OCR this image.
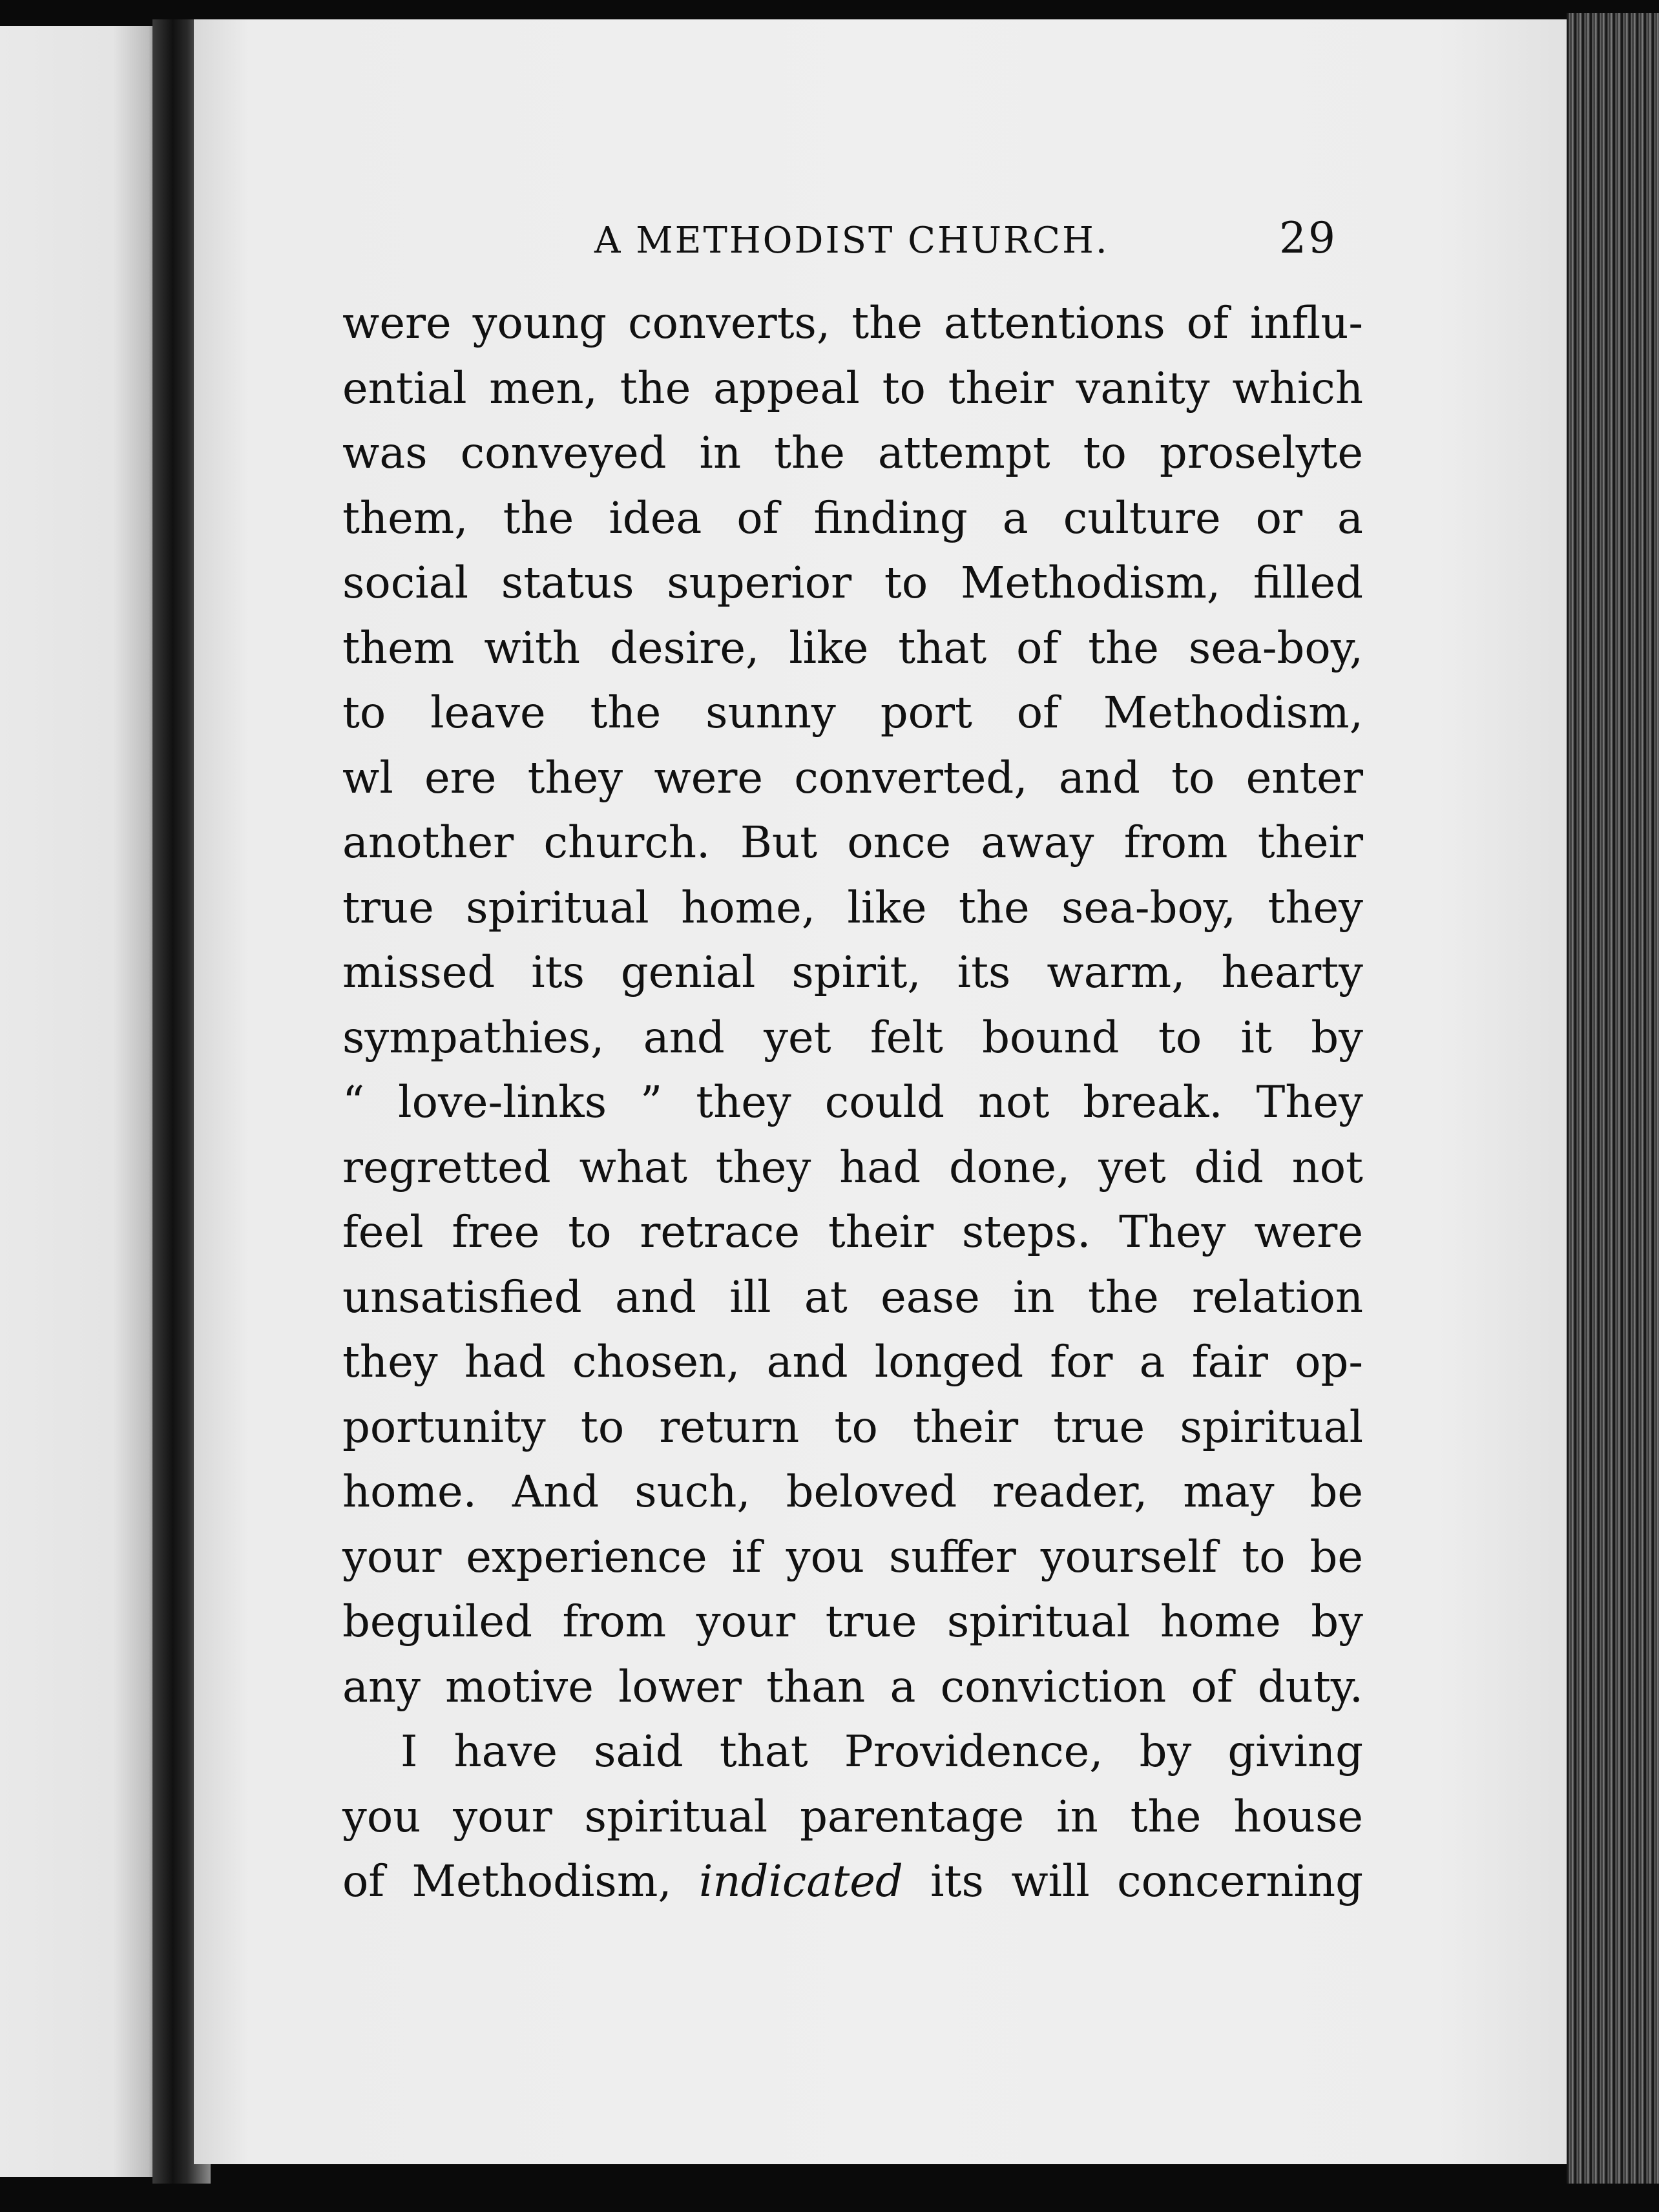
A METHODIST CHURCH.	29
were young converts, the attentions of influ-
ential men, the appeal to their vanity which
was conveyed in the attempt to proselyte
them, the idea of finding a culture or a
social status superior to Methodism, filled
them with desire, like that of the sea-boy,
to leave the sunny port of Methodism,
wl ere they were converted, and to enter
another church. But once away from their
true spiritual home, like the sea-boy, they
missed its genial spirit, its warm, hearty
sympathies, and yet felt bound to it by
“ love-links ” they could not break. They
regretted what they had done, yet did not
feel free to retrace their steps. They were
unsatisfied and ill at ease in the relation
they had chosen, and longed for a fair op-
portunity to return to their true spiritual
home. And such, beloved reader, may be
your experience if you suffer yourself to be
beguiled from your true spiritual home by
any motive lower than a conviction of duty.
I have said that Providence, by giving
you your spiritual parentage in the house
of Methodism, indicated its will concerning
